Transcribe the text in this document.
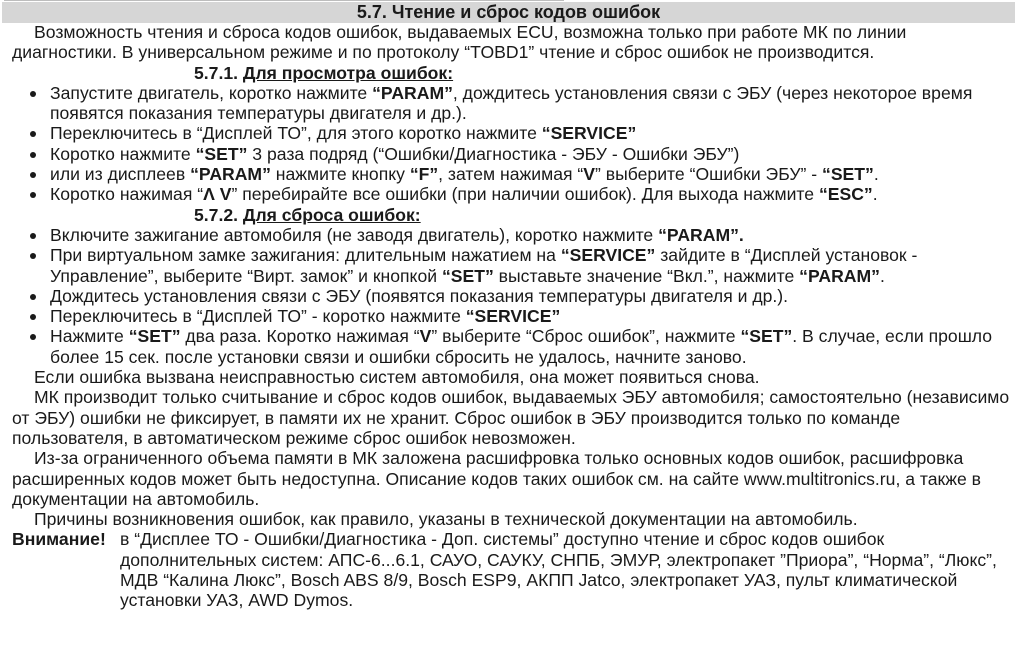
5.7. Чтение и сброс кодов ошибок

Возможность чтения и сброса кодов ошибок, выдаваемых ECU, возможна только при работе МК по линии диагностики. В универсальном режиме и по протоколу “TOBD1” чтение и сброс ошибок не производится.

5.7.1. Для просмотра ошибок:

Запустите двигатель, коротко нажмите “PARAM”, дождитесь установления связи с ЭБУ (через некоторое время появятся показания температуры двигателя и др.).
Переключитесь в “Дисплей ТО”, для этого коротко нажмите “SERVICE”
Коротко нажмите “SET” 3 раза подряд (“Ошибки/Диагностика - ЭБУ - Ошибки ЭБУ”)
или из дисплеев “PARAM” нажмите кнопку “F”, затем нажимая “V” выберите “Ошибки ЭБУ” - “SET”.
Коротко нажимая “Λ V” перебирайте все ошибки (при наличии ошибок). Для выхода нажмите “ESC”.

5.7.2. Для сброса ошибок:

Включите зажигание автомобиля (не заводя двигатель), коротко нажмите “PARAM”.
При виртуальном замке зажигания: длительным нажатием на “SERVICE” зайдите в “Дисплей установок - Управление”, выберите “Вирт. замок” и кнопкой “SET” выставьте значение “Вкл.”, нажмите “PARAM”.
Дождитесь установления связи с ЭБУ (появятся показания температуры двигателя и др.).
Переключитесь в “Дисплей ТО” - коротко нажмите “SERVICE”
Нажмите “SET” два раза. Коротко нажимая “V” выберите “Сброс ошибок”, нажмите “SET”. В случае, если прошло более 15 сек. после установки связи и ошибки сбросить не удалось, начните заново.

Если ошибка вызвана неисправностью систем автомобиля, она может появиться снова.

МК производит только считывание и сброс кодов ошибок, выдаваемых ЭБУ автомобиля; самостоятельно (независимо от ЭБУ) ошибки не фиксирует, в памяти их не хранит. Сброс ошибок в ЭБУ производится только по команде пользователя, в автоматическом режиме сброс ошибок невозможен.

Из-за ограниченного объема памяти в МК заложена расшифровка только основных кодов ошибок, расшифровка расширенных кодов может быть недоступна. Описание кодов таких ошибок см. на сайте www.multitronics.ru, а также в документации на автомобиль.

Причины возникновения ошибок, как правило, указаны в технической документации на автомобиль.

Внимание! в “Дисплее ТО - Ошибки/Диагностика - Доп. системы” доступно чтение и сброс кодов ошибок дополнительных систем: АПС-6...6.1, САУО, САУКУ, СНПБ, ЭМУР, электропакет ”Приора”, “Норма”, “Люкс”, МДВ “Калина Люкс”, Bosch ABS 8/9, Bosch ESP9, АКПП Jatco, электропакет УАЗ, пульт климатической установки УАЗ, AWD Dymos.
